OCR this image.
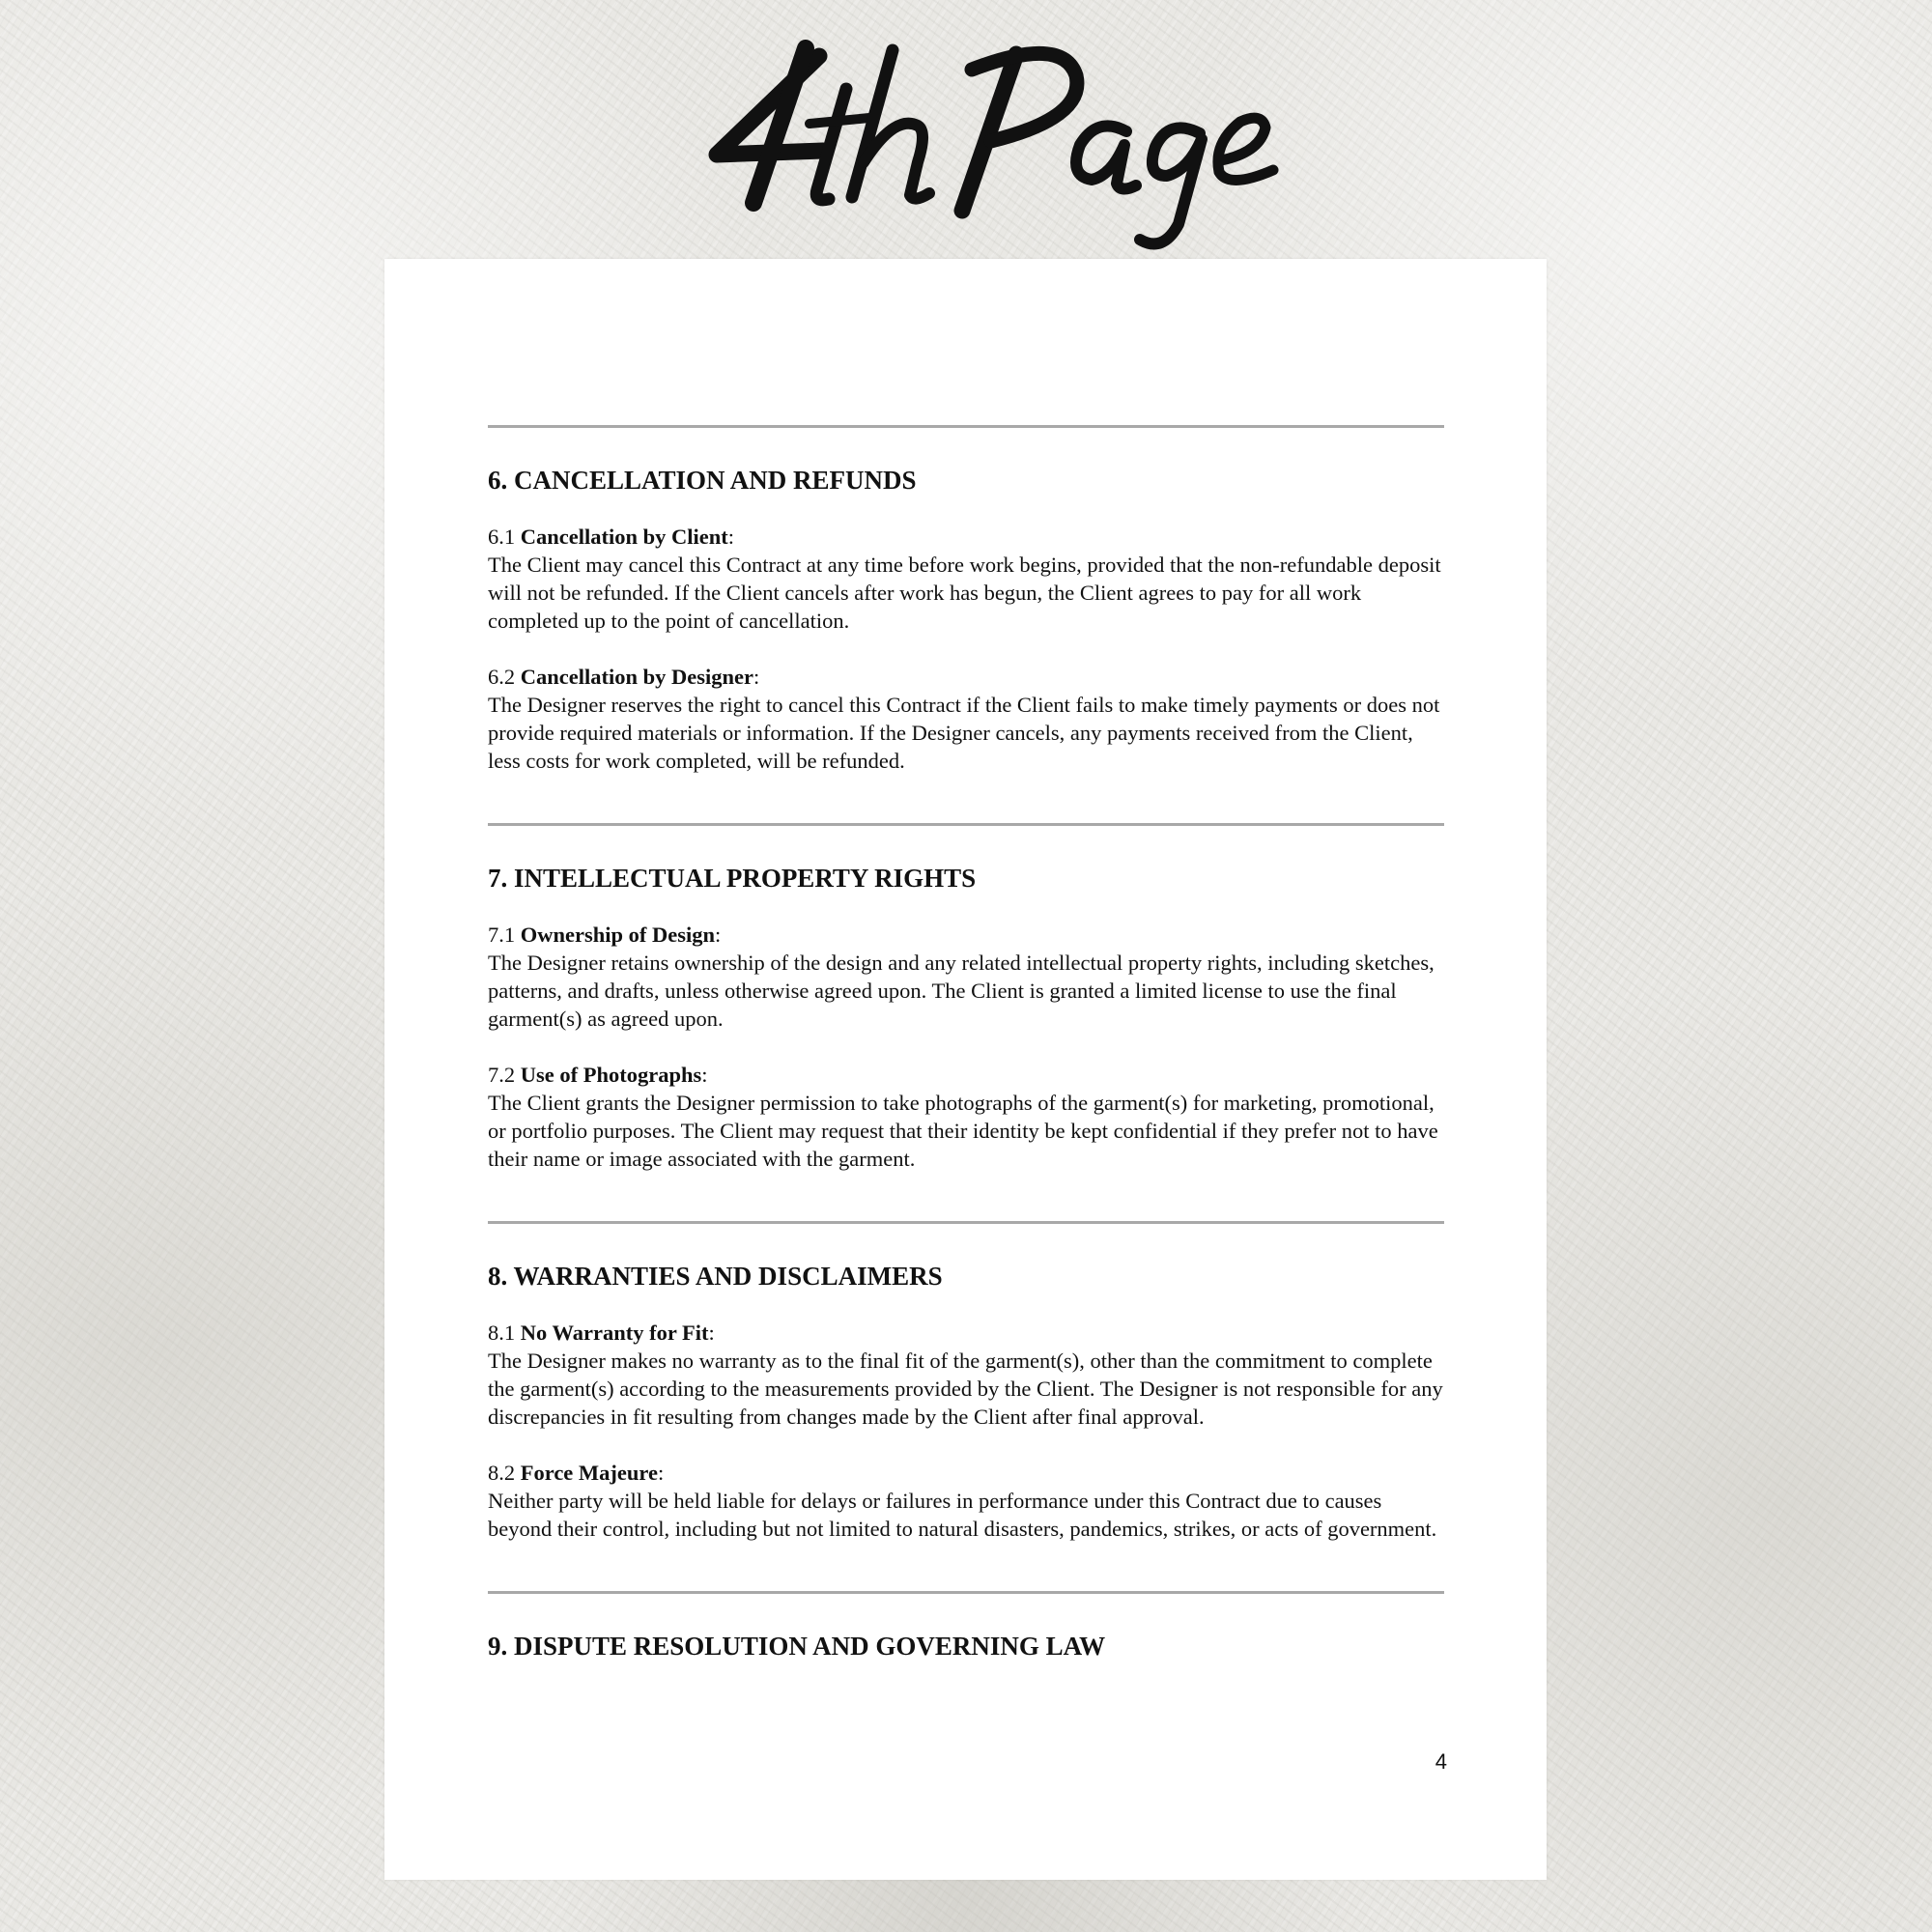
6. CANCELLATION AND REFUNDS
6.1 Cancellation by Client:
The Client may cancel this Contract at any time before work begins, provided that the non-refundable deposit will not be refunded. If the Client cancels after work has begun, the Client agrees to pay for all work completed up to the point of cancellation.
6.2 Cancellation by Designer:
The Designer reserves the right to cancel this Contract if the Client fails to make timely payments or does not provide required materials or information. If the Designer cancels, any payments received from the Client, less costs for work completed, will be refunded.
7. INTELLECTUAL PROPERTY RIGHTS
7.1 Ownership of Design:
The Designer retains ownership of the design and any related intellectual property rights, including sketches, patterns, and drafts, unless otherwise agreed upon. The Client is granted a limited license to use the final garment(s) as agreed upon.
7.2 Use of Photographs:
The Client grants the Designer permission to take photographs of the garment(s) for marketing, promotional, or portfolio purposes. The Client may request that their identity be kept confidential if they prefer not to have their name or image associated with the garment.
8. WARRANTIES AND DISCLAIMERS
8.1 No Warranty for Fit:
The Designer makes no warranty as to the final fit of the garment(s), other than the commitment to complete the garment(s) according to the measurements provided by the Client. The Designer is not responsible for any discrepancies in fit resulting from changes made by the Client after final approval.
8.2 Force Majeure:
Neither party will be held liable for delays or failures in performance under this Contract due to causes beyond their control, including but not limited to natural disasters, pandemics, strikes, or acts of government.
9. DISPUTE RESOLUTION AND GOVERNING LAW
4
